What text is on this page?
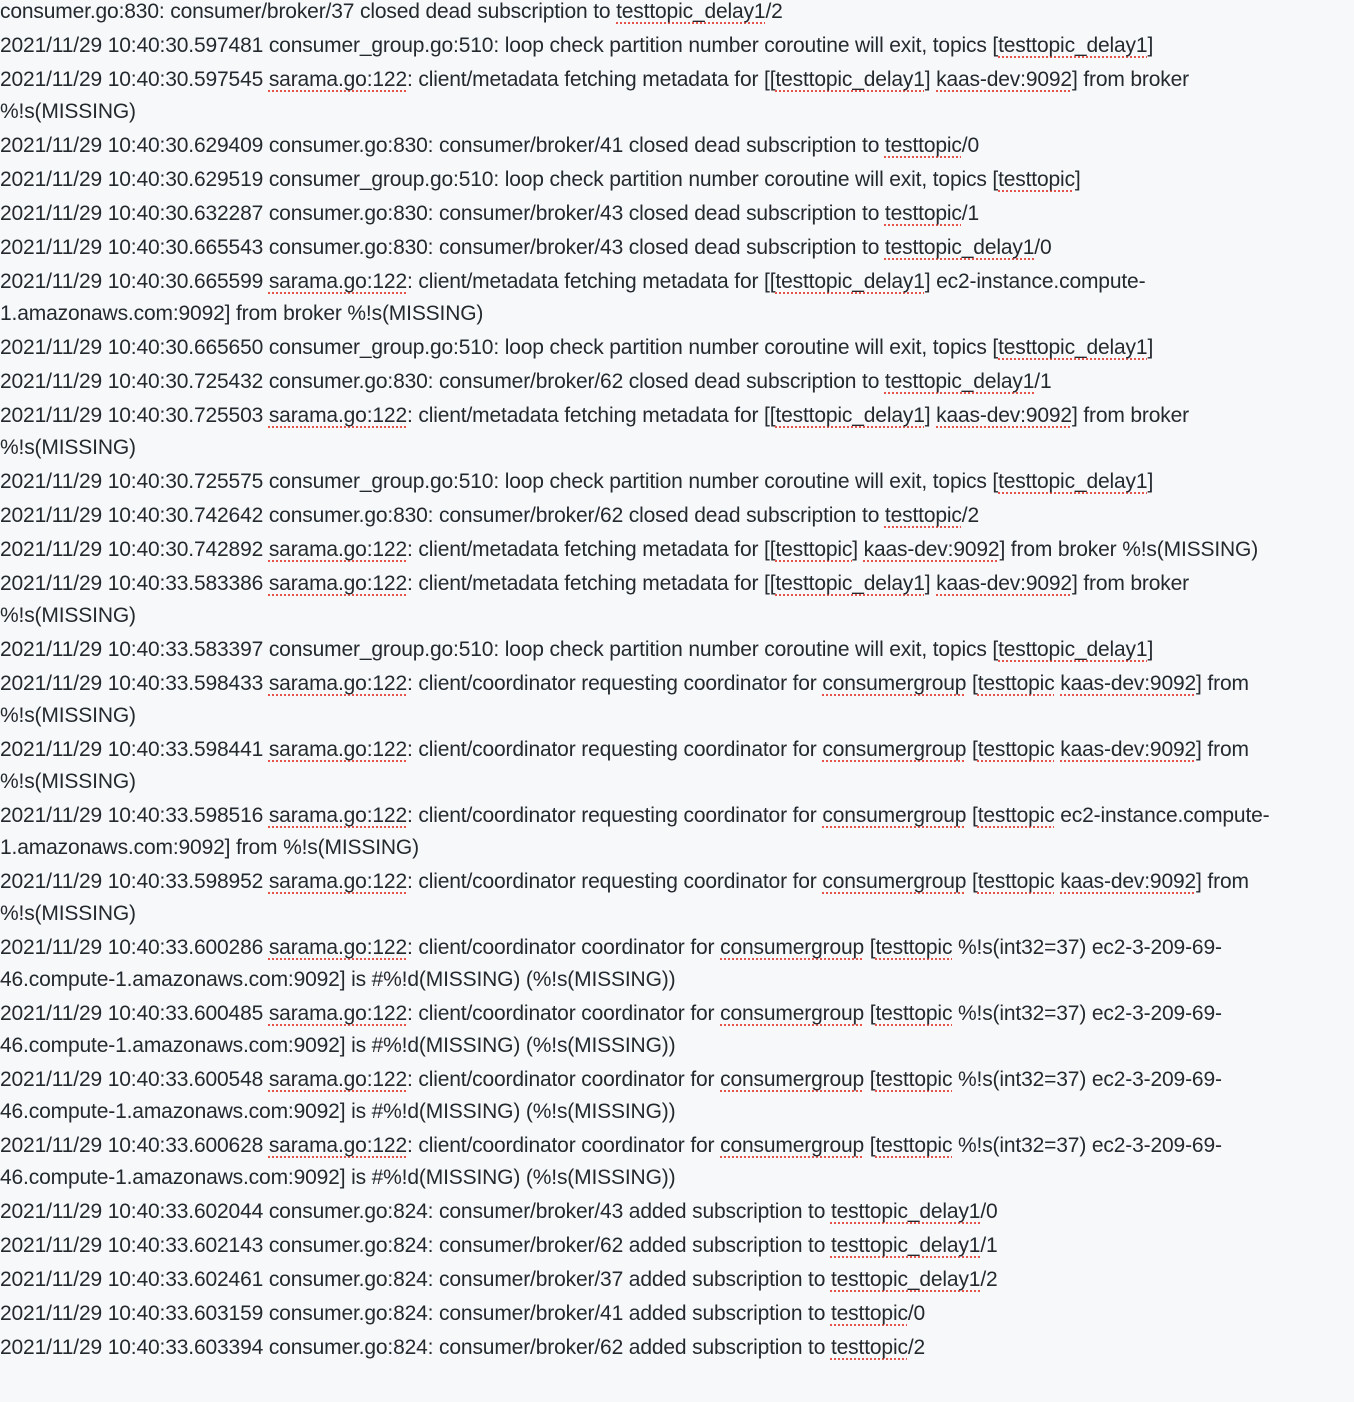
consumer.go:830: consumer/broker/37 closed dead subscription to testtopic_delay1/2
2021/11/29 10:40:30.597481 consumer_group.go:510: loop check partition number coroutine will exit, topics [testtopic_delay1]
2021/11/29 10:40:30.597545 sarama.go:122: client/metadata fetching metadata for [[testtopic_delay1] kaas-dev:9092] from broker %!s(MISSING)
2021/11/29 10:40:30.629409 consumer.go:830: consumer/broker/41 closed dead subscription to testtopic/0
2021/11/29 10:40:30.629519 consumer_group.go:510: loop check partition number coroutine will exit, topics [testtopic]
2021/11/29 10:40:30.632287 consumer.go:830: consumer/broker/43 closed dead subscription to testtopic/1
2021/11/29 10:40:30.665543 consumer.go:830: consumer/broker/43 closed dead subscription to testtopic_delay1/0
2021/11/29 10:40:30.665599 sarama.go:122: client/metadata fetching metadata for [[testtopic_delay1] ec2-instance.compute-1.amazonaws.com:9092] from broker %!s(MISSING)
2021/11/29 10:40:30.665650 consumer_group.go:510: loop check partition number coroutine will exit, topics [testtopic_delay1]
2021/11/29 10:40:30.725432 consumer.go:830: consumer/broker/62 closed dead subscription to testtopic_delay1/1
2021/11/29 10:40:30.725503 sarama.go:122: client/metadata fetching metadata for [[testtopic_delay1] kaas-dev:9092] from broker %!s(MISSING)
2021/11/29 10:40:30.725575 consumer_group.go:510: loop check partition number coroutine will exit, topics [testtopic_delay1]
2021/11/29 10:40:30.742642 consumer.go:830: consumer/broker/62 closed dead subscription to testtopic/2
2021/11/29 10:40:30.742892 sarama.go:122: client/metadata fetching metadata for [[testtopic] kaas-dev:9092] from broker %!s(MISSING)
2021/11/29 10:40:33.583386 sarama.go:122: client/metadata fetching metadata for [[testtopic_delay1] kaas-dev:9092] from broker %!s(MISSING)
2021/11/29 10:40:33.583397 consumer_group.go:510: loop check partition number coroutine will exit, topics [testtopic_delay1]
2021/11/29 10:40:33.598433 sarama.go:122: client/coordinator requesting coordinator for consumergroup [testtopic kaas-dev:9092] from %!s(MISSING)
2021/11/29 10:40:33.598441 sarama.go:122: client/coordinator requesting coordinator for consumergroup [testtopic kaas-dev:9092] from %!s(MISSING)
2021/11/29 10:40:33.598516 sarama.go:122: client/coordinator requesting coordinator for consumergroup [testtopic ec2-instance.compute-1.amazonaws.com:9092] from %!s(MISSING)
2021/11/29 10:40:33.598952 sarama.go:122: client/coordinator requesting coordinator for consumergroup [testtopic kaas-dev:9092] from %!s(MISSING)
2021/11/29 10:40:33.600286 sarama.go:122: client/coordinator coordinator for consumergroup [testtopic %!s(int32=37) ec2-3-209-69-46.compute-1.amazonaws.com:9092] is #%!d(MISSING) (%!s(MISSING))
2021/11/29 10:40:33.600485 sarama.go:122: client/coordinator coordinator for consumergroup [testtopic %!s(int32=37) ec2-3-209-69-46.compute-1.amazonaws.com:9092] is #%!d(MISSING) (%!s(MISSING))
2021/11/29 10:40:33.600548 sarama.go:122: client/coordinator coordinator for consumergroup [testtopic %!s(int32=37) ec2-3-209-69-46.compute-1.amazonaws.com:9092] is #%!d(MISSING) (%!s(MISSING))
2021/11/29 10:40:33.600628 sarama.go:122: client/coordinator coordinator for consumergroup [testtopic %!s(int32=37) ec2-3-209-69-46.compute-1.amazonaws.com:9092] is #%!d(MISSING) (%!s(MISSING))
2021/11/29 10:40:33.602044 consumer.go:824: consumer/broker/43 added subscription to testtopic_delay1/0
2021/11/29 10:40:33.602143 consumer.go:824: consumer/broker/62 added subscription to testtopic_delay1/1
2021/11/29 10:40:33.602461 consumer.go:824: consumer/broker/37 added subscription to testtopic_delay1/2
2021/11/29 10:40:33.603159 consumer.go:824: consumer/broker/41 added subscription to testtopic/0
2021/11/29 10:40:33.603394 consumer.go:824: consumer/broker/62 added subscription to testtopic/2
